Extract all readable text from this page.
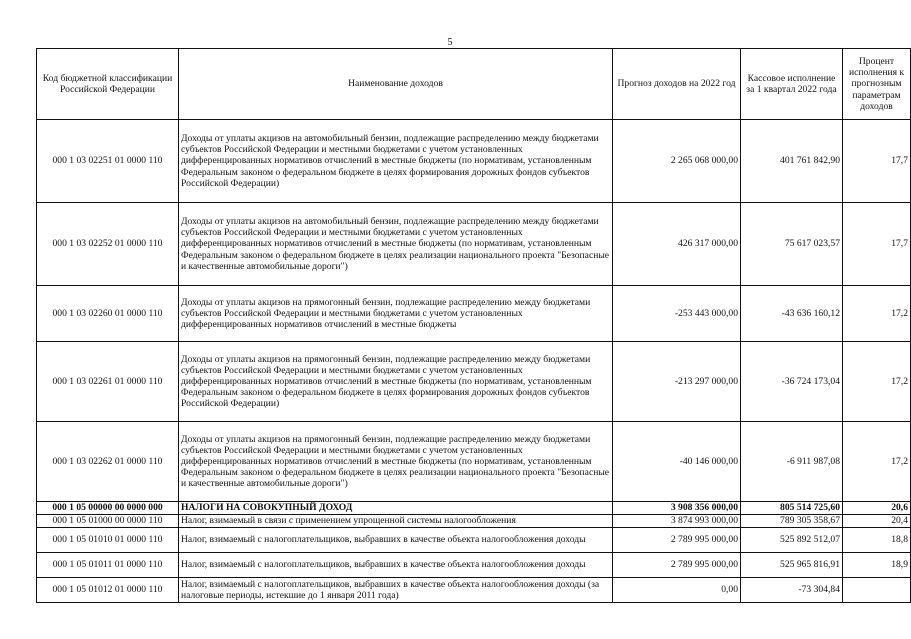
5
Код бюджетной классификации Российской Федерации	Наименование доходов	Прогноз доходов на 2022 год	Кассовое исполнение за 1 квартал 2022 года	Процент исполнения к прогнозным параметрам доходов
000 1 03 02251 01 0000 110	Доходы от уплаты акцизов на автомобильный бензин, подлежащие распределению между бюджетами субъектов Российской Федерации и местными бюджетами с учетом установленных дифференцированных нормативов отчислений в местные бюджеты (по нормативам, установленным Федеральным законом о федеральном бюджете в целях формирования дорожных фондов субъектов Российской Федерации)	2 265 068 000,00	401 761 842,90	17,7
000 1 03 02252 01 0000 110	Доходы от уплаты акцизов на автомобильный бензин, подлежащие распределению между бюджетами субъектов Российской Федерации и местными бюджетами с учетом установленных дифференцированных нормативов отчислений в местные бюджеты (по нормативам, установленным Федеральным законом о федеральном бюджете в целях реализации национального проекта "Безопасные и качественные автомобильные дороги")	426 317 000,00	75 617 023,57	17,7
000 1 03 02260 01 0000 110	Доходы от уплаты акцизов на прямогонный бензин, подлежащие распределению между бюджетами субъектов Российской Федерации и местными бюджетами с учетом установленных дифференцированных нормативов отчислений в местные бюджеты	-253 443 000,00	-43 636 160,12	17,2
000 1 03 02261 01 0000 110	Доходы от уплаты акцизов на прямогонный бензин, подлежащие распределению между бюджетами субъектов Российской Федерации и местными бюджетами с учетом установленных дифференцированных нормативов отчислений в местные бюджеты (по нормативам, установленным Федеральным законом о федеральном бюджете в целях формирования дорожных фондов субъектов Российской Федерации)	-213 297 000,00	-36 724 173,04	17,2
000 1 03 02262 01 0000 110	Доходы от уплаты акцизов на прямогонный бензин, подлежащие распределению между бюджетами субъектов Российской Федерации и местными бюджетами с учетом установленных дифференцированных нормативов отчислений в местные бюджеты (по нормативам, установленным Федеральным законом о федеральном бюджете в целях реализации национального проекта "Безопасные и качественные автомобильные дороги")	-40 146 000,00	-6 911 987,08	17,2
000 1 05 00000 00 0000 000	НАЛОГИ НА СОВОКУПНЫЙ ДОХОД	3 908 356 000,00	805 514 725,60	20,6
000 1 05 01000 00 0000 110	Налог, взимаемый в связи с применением упрощенной системы налогообложения	3 874 993 000,00	789 305 358,67	20,4
000 1 05 01010 01 0000 110	Налог, взимаемый с налогоплательщиков, выбравших в качестве объекта налогообложения доходы	2 789 995 000,00	525 892 512,07	18,8
000 1 05 01011 01 0000 110	Налог, взимаемый с налогоплательщиков, выбравших в качестве объекта налогообложения доходы	2 789 995 000,00	525 965 816,91	18,9
000 1 05 01012 01 0000 110	Налог, взимаемый с налогоплательщиков, выбравших в качестве объекта налогообложения доходы (за налоговые периоды, истекшие до 1 января 2011 года)	0,00	-73 304,84	
